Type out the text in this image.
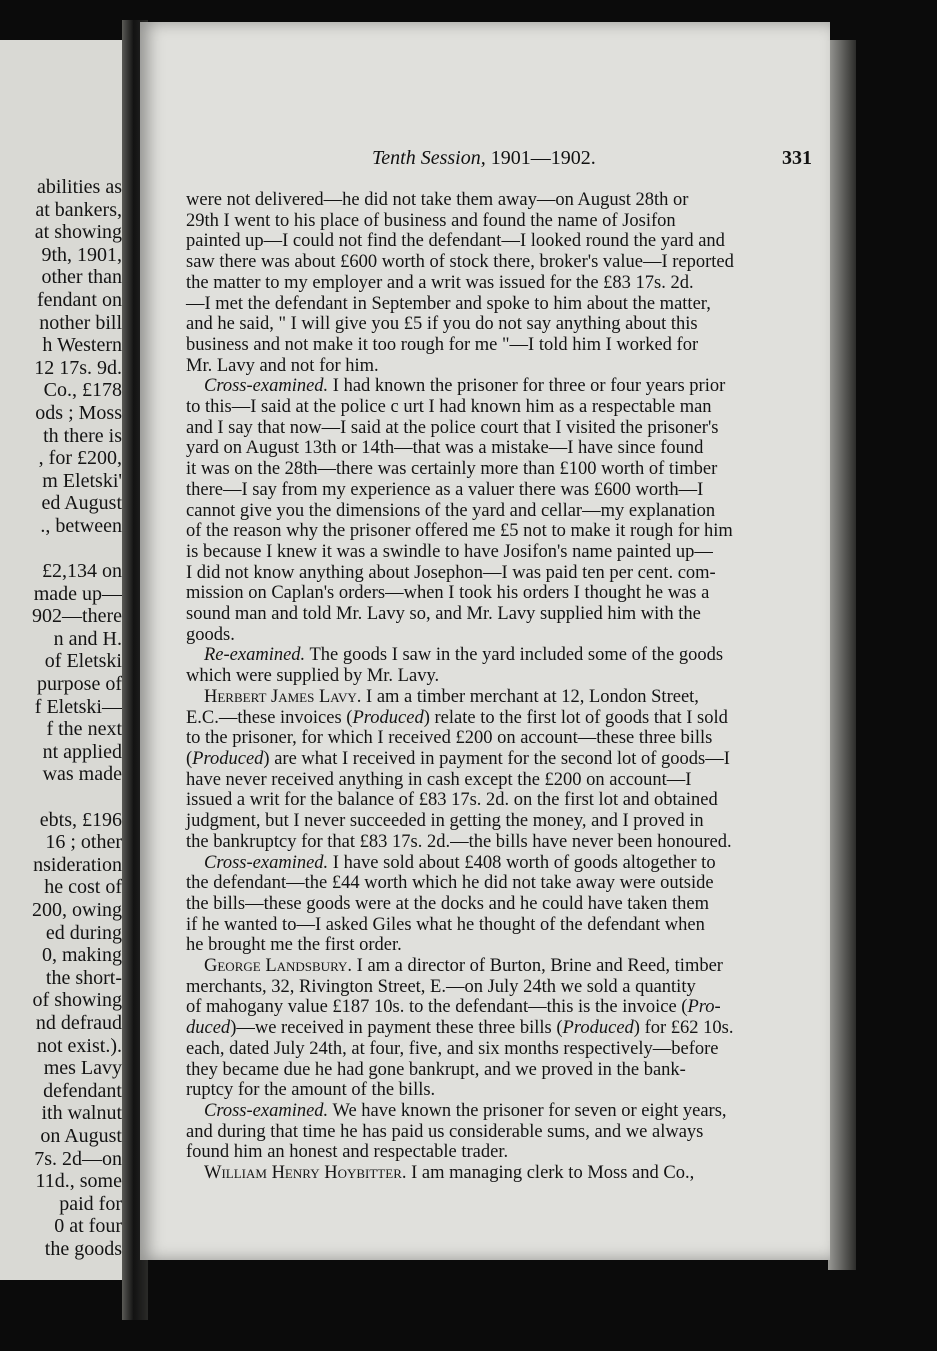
abilities as
at bankers,
at showing
9th, 1901,
other than
fendant on
nother bill
h Western
12 17s. 9d.
Co., £178
ods ; Moss
th there is
, for £200,
m Eletski'
ed August
., between
£2,134 on
made up—
902—there
n and H.
of Eletski
purpose of
f Eletski—
f the next
nt applied
was made
ebts, £196
16 ; other
nsideration
he cost of
200, owing
ed during
0, making
the short-
of showing
nd defraud
not exist.).
mes Lavy
defendant
ith walnut
on August
7s. 2d—on
11d., some
paid for
0 at four
the goods
Tenth Session, 1901—1902.	331
were not delivered—he did not take them away—on August 28th or
29th I went to his place of business and found the name of Josifon
painted up—I could not find the defendant—I looked round the yard and
saw there was about £600 worth of stock there, broker's value—I reported
the matter to my employer and a writ was issued for the £83 17s. 2d.
—I met the defendant in September and spoke to him about the matter,
and he said, " I will give you £5 if you do not say anything about this
business and not make it too rough for me "—I told him I worked for
Mr. Lavy and not for him.
Cross-examined. I had known the prisoner for three or four years prior
to this—I said at the police c urt I had known him as a respectable man
and I say that now—I said at the police court that I visited the prisoner's
yard on August 13th or 14th—that was a mistake—I have since found
it was on the 28th—there was certainly more than £100 worth of timber
there—I say from my experience as a valuer there was £600 worth—I
cannot give you the dimensions of the yard and cellar—my explanation
of the reason why the prisoner offered me £5 not to make it rough for him
is because I knew it was a swindle to have Josifon's name painted up—
I did not know anything about Josephon—I was paid ten per cent. com-
mission on Caplan's orders—when I took his orders I thought he was a
sound man and told Mr. Lavy so, and Mr. Lavy supplied him with the
goods.
Re-examined. The goods I saw in the yard included some of the goods
which were supplied by Mr. Lavy.
Herbert James Lavy. I am a timber merchant at 12, London Street,
E.C.—these invoices (Produced) relate to the first lot of goods that I sold
to the prisoner, for which I received £200 on account—these three bills
(Produced) are what I received in payment for the second lot of goods—I
have never received anything in cash except the £200 on account—I
issued a writ for the balance of £83 17s. 2d. on the first lot and obtained
judgment, but I never succeeded in getting the money, and I proved in
the bankruptcy for that £83 17s. 2d.—the bills have never been honoured.
Cross-examined. I have sold about £408 worth of goods altogether to
the defendant—the £44 worth which he did not take away were outside
the bills—these goods were at the docks and he could have taken them
if he wanted to—I asked Giles what he thought of the defendant when
he brought me the first order.
George Landsbury. I am a director of Burton, Brine and Reed, timber
merchants, 32, Rivington Street, E.—on July 24th we sold a quantity
of mahogany value £187 10s. to the defendant—this is the invoice (Pro-
duced)—we received in payment these three bills (Produced) for £62 10s.
each, dated July 24th, at four, five, and six months respectively—before
they became due he had gone bankrupt, and we proved in the bank-
ruptcy for the amount of the bills.
Cross-examined. We have known the prisoner for seven or eight years,
and during that time he has paid us considerable sums, and we always
found him an honest and respectable trader.
William Henry Hoybitter. I am managing clerk to Moss and Co.,
